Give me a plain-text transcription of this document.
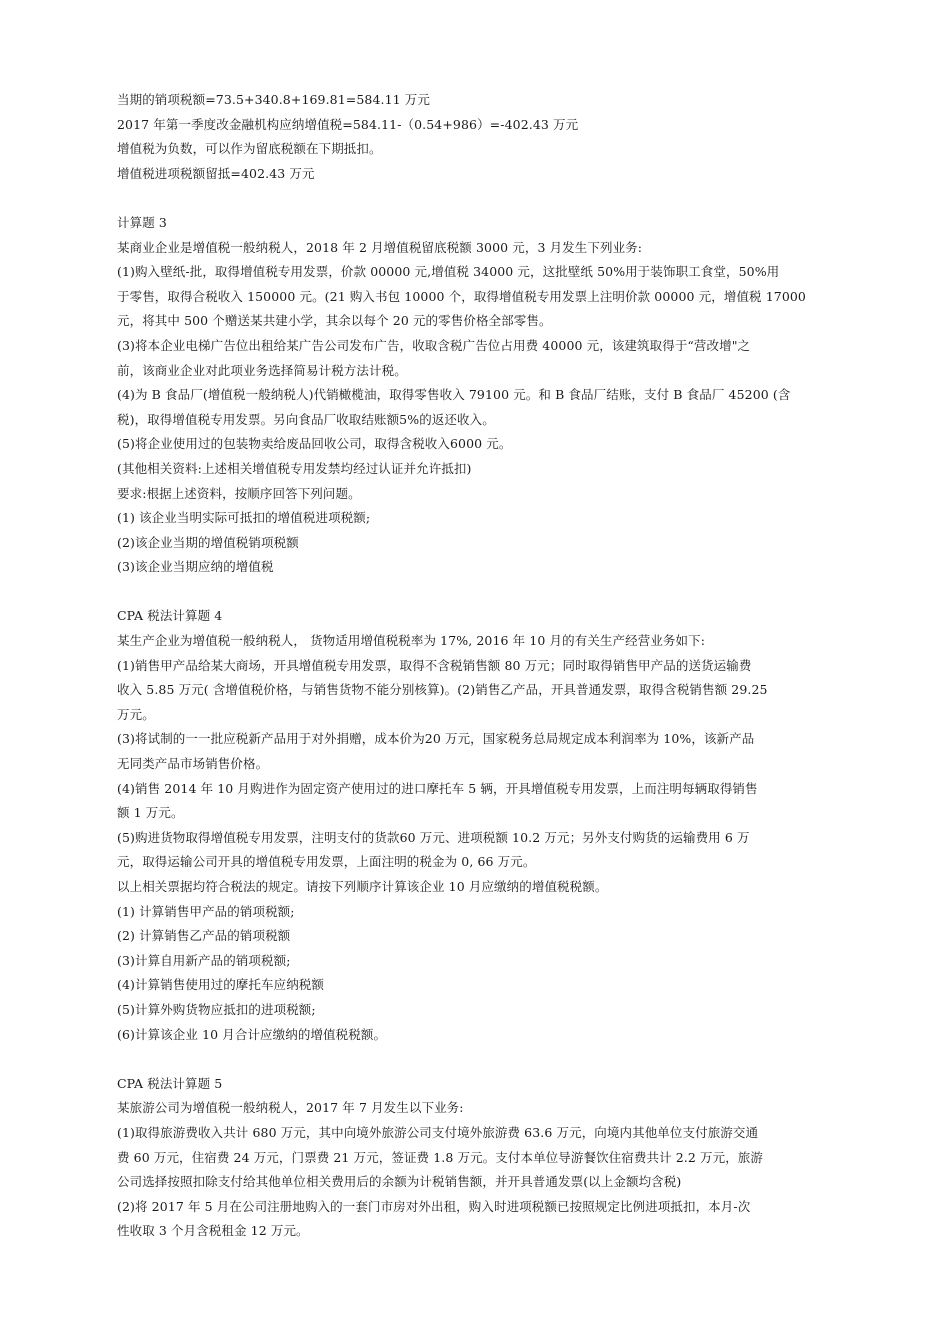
当期的销项税额=73.5+340.8+169.81=584.11 万元
2017 年第一季度改金融机构应纳增值税=584.11-（0.54+986）=-402.43 万元
增值税为负数，可以作为留底税额在下期抵扣。
增值税进项税额留抵=402.43 万元
计算题 3
某商业企业是增值税一般纳税人，2018 年 2 月增值税留底税额 3000 元，3 月发生下列业务:
(1)购入壁纸-批，取得增值税专用发票，价款 00000 元,增值税 34000 元，这批壁纸 50%用于装饰职工食堂，50%用
于零售，取得合税收入 150000 元。(21 购入书包 10000 个，取得增值税专用发票上注明价款 00000 元，增值税 17000
元，将其中 500 个赠送某共建小学，其余以每个 20 元的零售价格全部零售。
(3)将本企业电梯广告位出租给某广告公司发布广告，收取含税广告位占用费 40000 元，该建筑取得于“营改增"之
前，该商业企业对此项业务选择简易计税方法计税。
(4)为 B 食品厂(增值税一般纳税人)代销橄榄油，取得零售收入 79100 元。和 B 食品厂结账，支付 B 食品厂 45200 (含
税)，取得增值税专用发票。另向食品厂收取结账额5%的返还收入。
(5)将企业使用过的包装物卖给废品回收公司，取得含税收入6000 元。
(其他相关资料:上述相关增值税专用发禁均经过认证并允许抵扣)
要求:根据上述资料，按顺序回答下列问题。
(1) 该企业当明实际可抵扣的增值税进项税额;
(2)该企业当期的增值税销项税额
(3)该企业当期应纳的增值税
CPA 税法计算题 4
某生产企业为增值税一般纳税人， 货物适用增值税税率为 17%, 2016 年 10 月的有关生产经营业务如下:
(1)销售甲产品给某大商场，开具增值税专用发票，取得不含税销售额 80 万元；同时取得销售甲产品的送货运输费
收入 5.85 万元( 含增值税价格，与销售货物不能分别核算)。(2)销售乙产品，开具普通发票，取得含税销售额 29.25
万元。
(3)将试制的一一批应税新产品用于对外捐赠，成本价为20 万元，国家税务总局规定成本利润率为 10%，该新产品
无同类产品市场销售价格。
(4)销售 2014 年 10 月购进作为固定资产使用过的进口摩托车 5 辆，开具增值税专用发票，上而注明每辆取得销售
额 1 万元。
(5)购进货物取得增值税专用发票，注明支付的货款60 万元、进项税额 10.2 万元；另外支付购货的运输费用 6 万
元，取得运输公司开具的增值税专用发票，上面注明的税金为 0, 66 万元。
以上相关票据均符合税法的规定。请按下列顺序计算该企业 10 月应缴纳的增值税税额。
(1) 计算销售甲产品的销项税额;
(2) 计算销售乙产品的销项税额
(3)计算自用新产品的销项税额;
(4)计算销售使用过的摩托车应纳税额
(5)计算外购货物应抵扣的进项税额;
(6)计算该企业 10 月合计应缴纳的增值税税额。
CPA 税法计算题 5
某旅游公司为增值税一般纳税人，2017 年 7 月发生以下业务:
(1)取得旅游费收入共计 680 万元，其中向境外旅游公司支付境外旅游费 63.6 万元，向境内其他单位支付旅游交通
费 60 万元，住宿费 24 万元，门票费 21 万元，签证费 1.8 万元。支付本单位导游餐饮住宿费共计 2.2 万元，旅游
公司选择按照扣除支付给其他单位相关费用后的余额为计税销售额，并开具普通发票(以上金额均含税)
(2)将 2017 年 5 月在公司注册地购入的一套门市房对外出租，购入时进项税额已按照规定比例进项抵扣，本月-次
性收取 3 个月含税租金 12 万元。
